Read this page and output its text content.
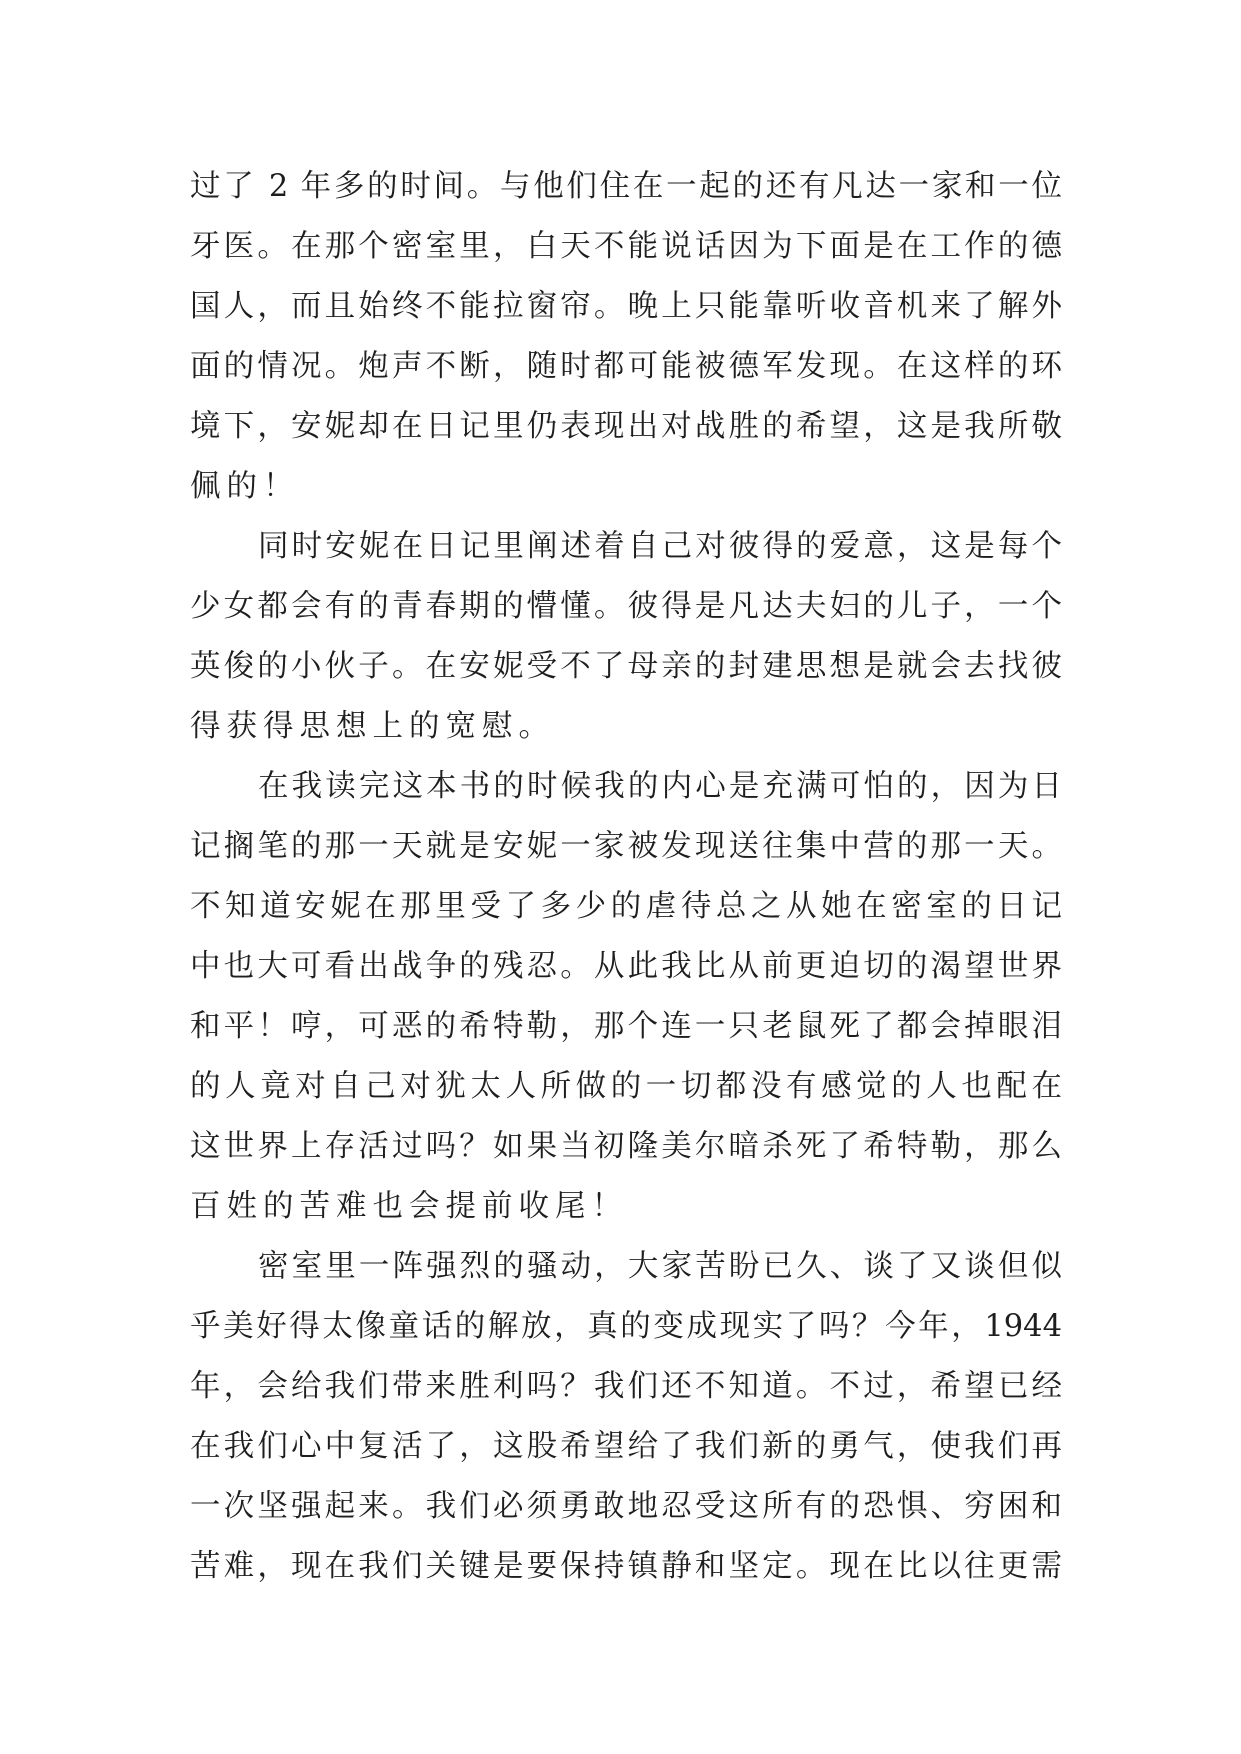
过了 2 年多的时间。与他们住在一起的还有凡达一家和一位
牙医。在那个密室里，白天不能说话因为下面是在工作的德
国人，而且始终不能拉窗帘。晚上只能靠听收音机来了解外
面的情况。炮声不断，随时都可能被德军发现。在这样的环
境下，安妮却在日记里仍表现出对战胜的希望，这是我所敬
佩的！
同时安妮在日记里阐述着自己对彼得的爱意，这是每个
少女都会有的青春期的懵懂。彼得是凡达夫妇的儿子，一个
英俊的小伙子。在安妮受不了母亲的封建思想是就会去找彼
得获得思想上的宽慰。
在我读完这本书的时候我的内心是充满可怕的，因为日
记搁笔的那一天就是安妮一家被发现送往集中营的那一天。
不知道安妮在那里受了多少的虐待总之从她在密室的日记
中也大可看出战争的残忍。从此我比从前更迫切的渴望世界
和平！哼，可恶的希特勒，那个连一只老鼠死了都会掉眼泪
的人竟对自己对犹太人所做的一切都没有感觉的人也配在
这世界上存活过吗？如果当初隆美尔暗杀死了希特勒，那么
百姓的苦难也会提前收尾！
密室里一阵强烈的骚动，大家苦盼已久、谈了又谈但似
乎美好得太像童话的解放，真的变成现实了吗？今年，1944
年，会给我们带来胜利吗？我们还不知道。不过，希望已经
在我们心中复活了，这股希望给了我们新的勇气，使我们再
一次坚强起来。我们必须勇敢地忍受这所有的恐惧、穷困和
苦难，现在我们关键是要保持镇静和坚定。现在比以往更需
